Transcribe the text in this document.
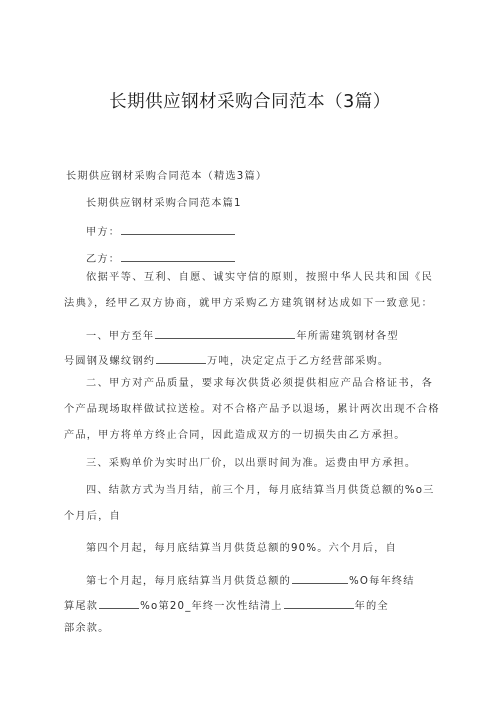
长期供应钢材采购合同范本（3篇）
长期供应钢材采购合同范本（精选3篇）
长期供应钢材采购合同范本篇1
甲方：
乙方：
依据平等、互利、自愿、诚实守信的原则，按照中华人民共和国《民
法典》，经甲乙双方协商，就甲方采购乙方建筑钢材达成如下一致意见：
一、甲方至年	年所需建筑钢材各型
号圆钢及螺纹钢约	万吨，决定定点于乙方经营部采购。
二、甲方对产品质量，要求每次供货必须提供相应产品合格证书，各
个产品现场取样做试拉送检。对不合格产品予以退场，累计两次出现不合格
产品，甲方将单方终止合同，因此造成双方的一切损失由乙方承担。
三、采购单价为实时出厂价，以出票时间为准。运费由甲方承担。
四、结款方式为当月结，前三个月，每月底结算当月供货总额的%o三
个月后，自
第四个月起，每月底结算当月供货总额的90%。六个月后，自
第七个月起，每月底结算当月供货总额的	%O每年终结
算尾款	%o第20_年终一次性结清上	年的全
部余款。
